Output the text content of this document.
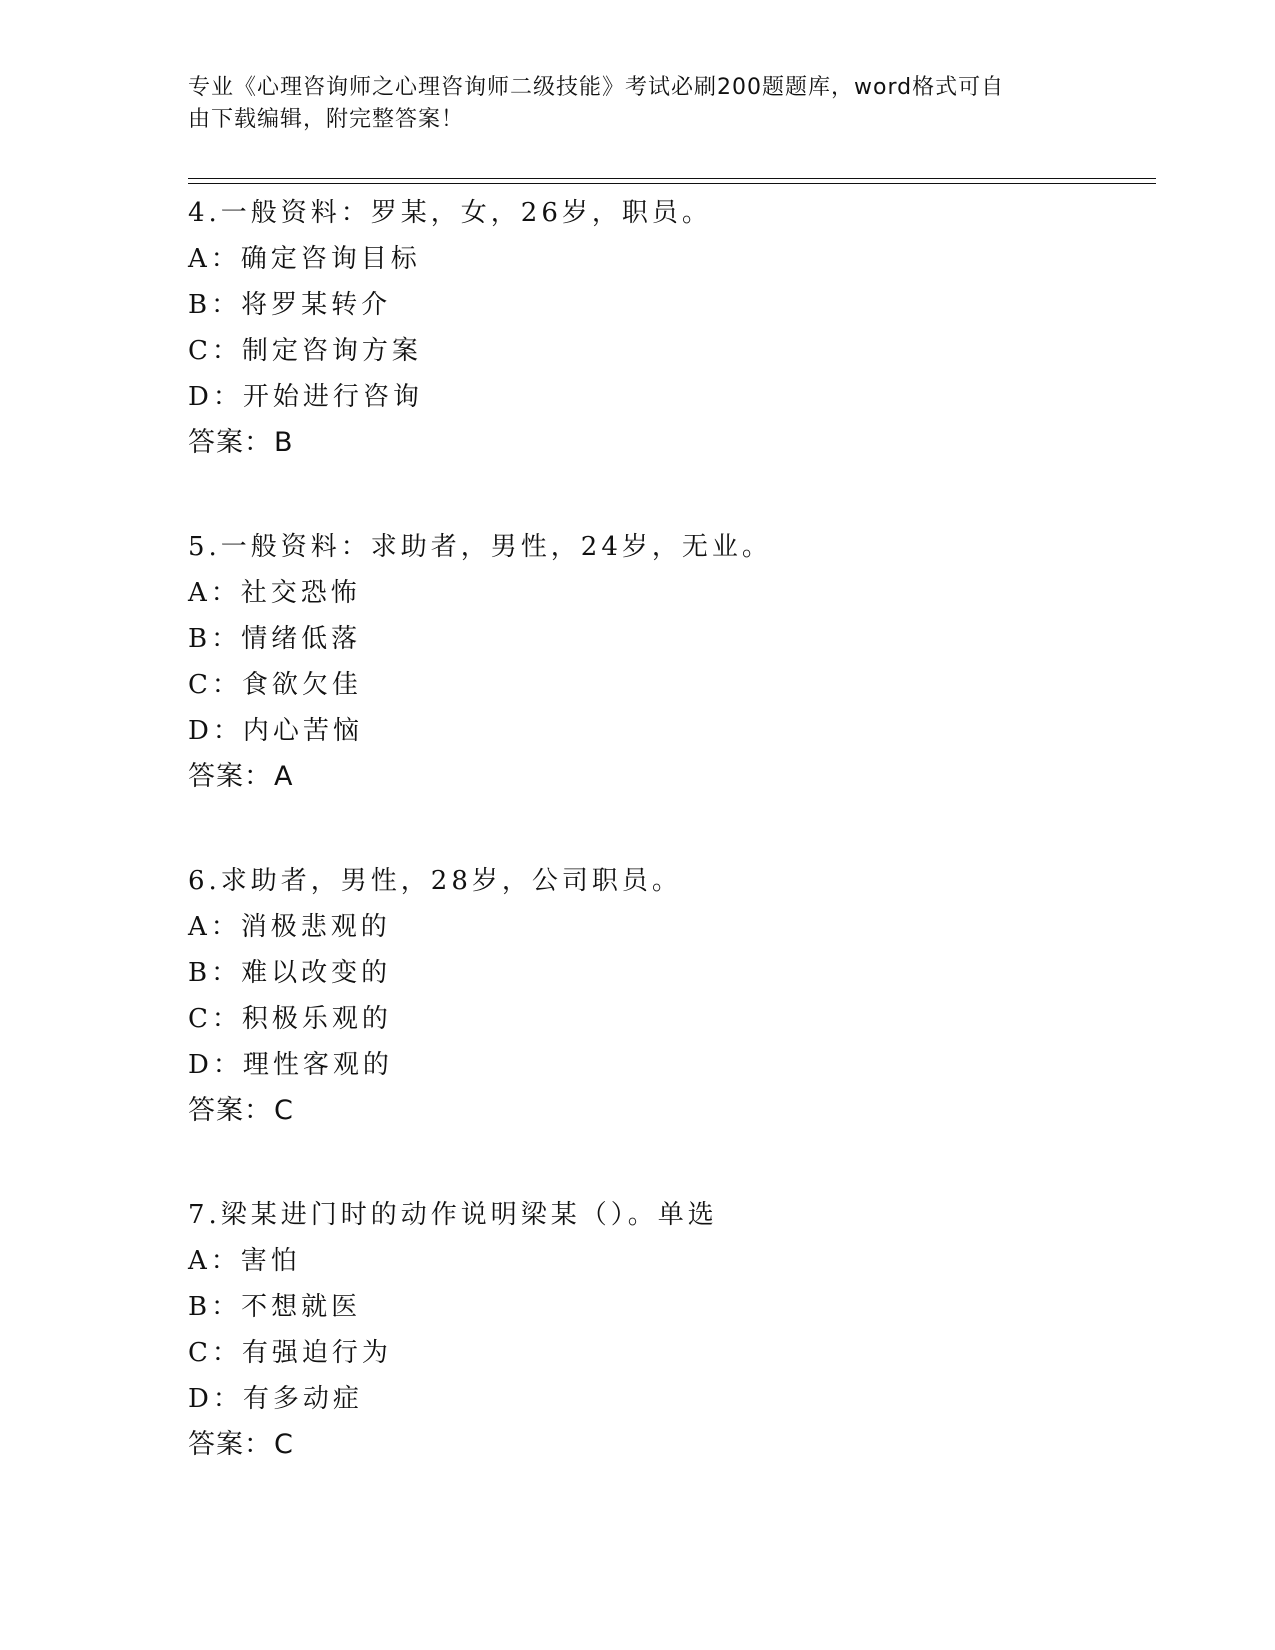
专业《心理咨询师之心理咨询师二级技能》考试必刷200题题库，word格式可自
由下载编辑，附完整答案！
4.一般资料：罗某，女，26岁，职员。
A：确定咨询目标
B：将罗某转介
C：制定咨询方案
D：开始进行咨询
答案：B
5.一般资料：求助者，男性，24岁，无业。
A：社交恐怖
B：情绪低落
C：食欲欠佳
D：内心苦恼
答案：A
6.求助者，男性，28岁，公司职员。
A：消极悲观的
B：难以改变的
C：积极乐观的
D：理性客观的
答案：C
7.梁某进门时的动作说明梁某（）。单选
A：害怕
B：不想就医
C：有强迫行为
D：有多动症
答案：C
